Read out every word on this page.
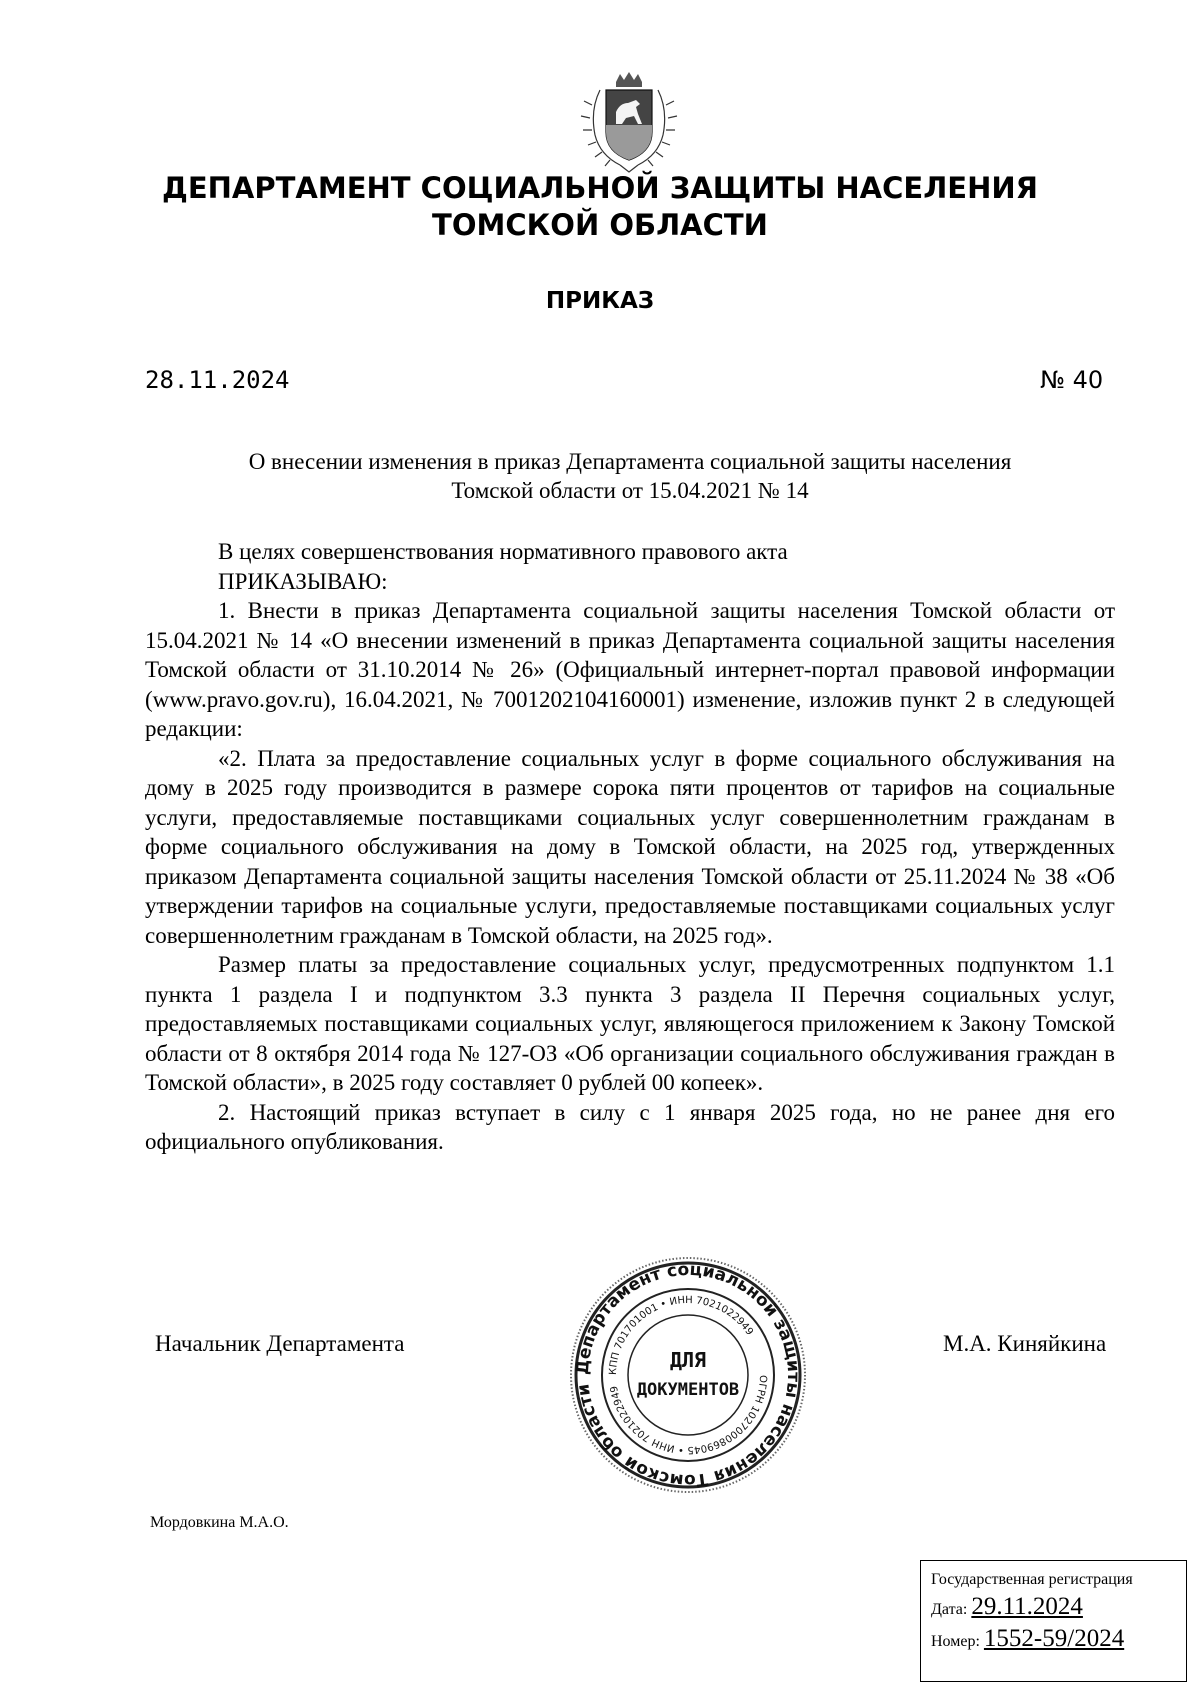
ДЕПАРТАМЕНТ СОЦИАЛЬНОЙ ЗАЩИТЫ НАСЕЛЕНИЯ
ТОМСКОЙ ОБЛАСТИ
ПРИКАЗ
28.11.2024	№ 40
О внесении изменения в приказ Департамента социальной защиты населения
Томской области от 15.04.2021 № 14

В целях совершенствования нормативного правового акта

ПРИКАЗЫВАЮ:

1. Внести в приказ Департамента социальной защиты населения Томской области от 15.04.2021 № 14 «О внесении изменений в приказ Департамента социальной защиты населения Томской области от 31.10.2014 № 26» (Официальный интернет-портал правовой информации (www.pravo.gov.ru), 16.04.2021, № 7001202104160001) изменение, изложив пункт 2 в следующей редакции:

«2. Плата за предоставление социальных услуг в форме социального обслуживания на дому в 2025 году производится в размере сорока пяти процентов от тарифов на социальные услуги, предоставляемые поставщиками социальных услуг совершеннолетним гражданам в форме социального обслуживания на дому в Томской области, на 2025 год, утвержденных приказом Департамента социальной защиты населения Томской области от 25.11.2024 № 38 «Об утверждении тарифов на социальные услуги, предоставляемые поставщиками социальных услуг совершеннолетним гражданам в Томской области, на 2025 год».

Размер платы за предоставление социальных услуг, предусмотренных подпунктом 1.1 пункта 1 раздела I и подпунктом 3.3 пункта 3 раздела II Перечня социальных услуг, предоставляемых поставщиками социальных услуг, являющегося приложением к Закону Томской области от 8 октября 2014 года № 127-ОЗ «Об организации социального обслуживания граждан в Томской области», в 2025 году составляет 0 рублей 00 копеек».

2. Настоящий приказ вступает в силу с 1 января 2025 года, но не ранее дня его официального опубликования.

Начальник Департамента	М.А. Киняйкина
Департамент социальной защиты населения Томской области
КПП 701701001 • ИНН 7021022949
ОГРН 1027000869045 • ИНН 7021022949
ДЛЯ
ДОКУМЕНТОВ
Мордовкина М.А.О.
Государственная регистрация
Дата: 29.11.2024
Номер: 1552-59/2024
